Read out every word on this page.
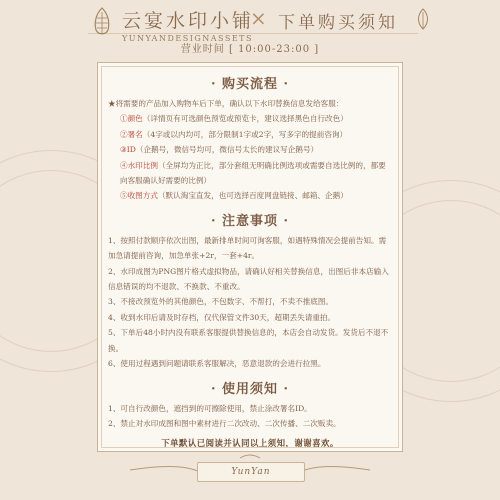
云宴水印小铺
YUNYANDESIGNASSETS
× 下单购买须知
营业时间 [ 10:00-23:00 ]
· 购买流程 ·

★将需要的产品加入购物车后下单，确认以下水印替换信息发给客服：

①颜色（详情页有可选颜色预览或预览卡，建议选择黑色自行改色）

②署名（4字或以内均可，部分限制1字或2字，写多字的提前咨询）

③ID（企鹅号，微信号均可，微信号太长的建议写企鹅号）

④水印比例（全屏均为正比，部分套组无明确比例选项或需要自选比例的，都要向客服确认好需要的比例）

⑤收图方式（默认淘宝直发，也可选择百度网盘链接、邮箱、企鹅）

· 注意事项 ·

1、按照付款顺序依次出图，最新排单时间可询客服，如遇特殊情况会提前告知。需加急请提前咨询，加急单张+2r，一套+4r。

2、水印成图为PNG图片格式虚拟物品，请确认好相关替换信息，出图后非本店输入信息错误的均不退款、不换款、不重改。

3、不接改预览外的其他颜色，不包数字、不帮打，不卖不推底图。

4、收到水印后请及时存档，仅代保管文件30天，超期丢失请重拍。

5、下单后48小时内没有联系客服提供替换信息的，本店会自动发货。发货后不退不换。

6、使用过程遇到问题请联系客服解决，恶意退款的会进行拉黑。

· 使用须知 ·

1、可自行改颜色，遮挡到的可擦除使用，禁止涂改署名ID。

2、禁止对水印成图和图中素材进行二次改动、二次传播、二次贩卖。

下单默认已阅读并认同以上须知，谢谢喜欢。
YunYan
